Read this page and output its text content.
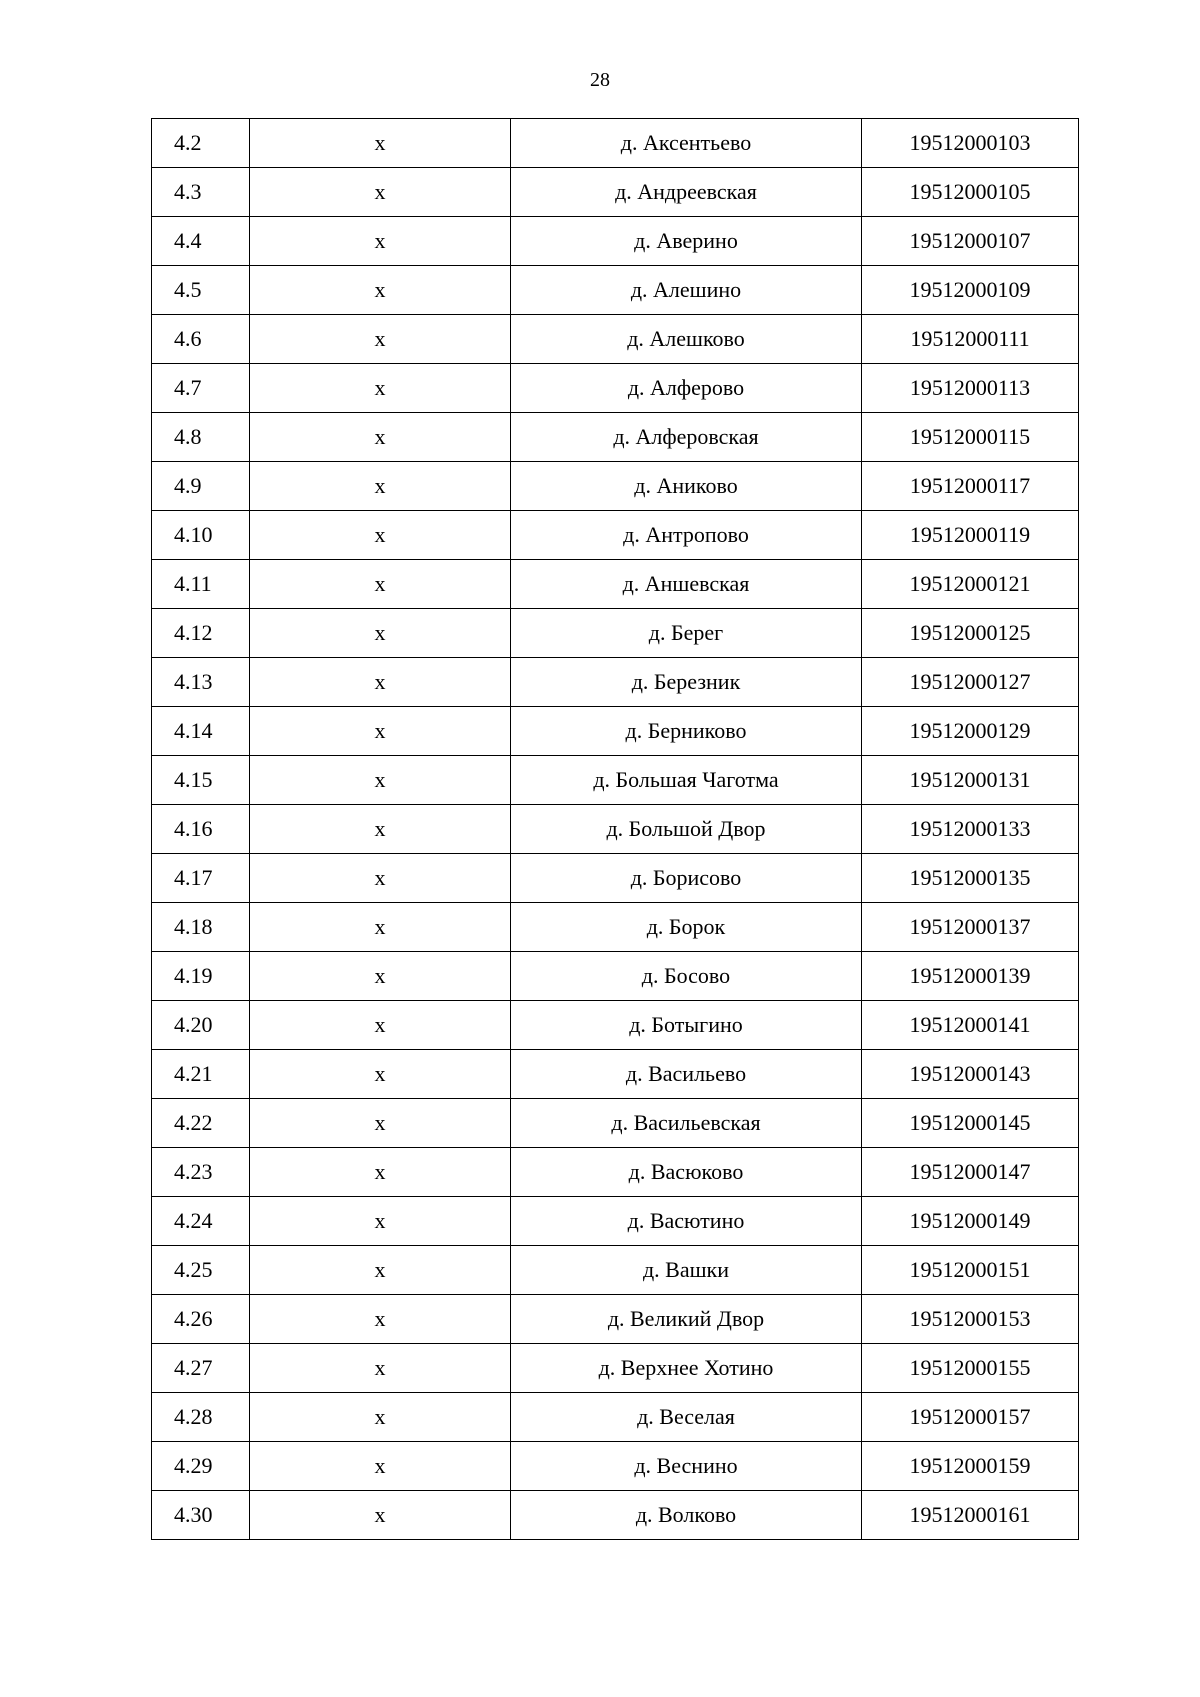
28
4.2	x	д. Аксентьево	19512000103
4.3	x	д. Андреевская	19512000105
4.4	x	д. Аверино	19512000107
4.5	x	д. Алешино	19512000109
4.6	x	д. Алешково	19512000111
4.7	x	д. Алферово	19512000113
4.8	x	д. Алферовская	19512000115
4.9	x	д. Аниково	19512000117
4.10	x	д. Антропово	19512000119
4.11	x	д. Аншевская	19512000121
4.12	x	д. Берег	19512000125
4.13	x	д. Березник	19512000127
4.14	x	д. Берниково	19512000129
4.15	x	д. Большая Чаготма	19512000131
4.16	x	д. Большой Двор	19512000133
4.17	x	д. Борисово	19512000135
4.18	x	д. Борок	19512000137
4.19	x	д. Босово	19512000139
4.20	x	д. Ботыгино	19512000141
4.21	x	д. Васильево	19512000143
4.22	x	д. Васильевская	19512000145
4.23	x	д. Васюково	19512000147
4.24	x	д. Васютино	19512000149
4.25	x	д. Вашки	19512000151
4.26	x	д. Великий Двор	19512000153
4.27	x	д. Верхнее Хотино	19512000155
4.28	x	д. Веселая	19512000157
4.29	x	д. Веснино	19512000159
4.30	x	д. Волково	19512000161
